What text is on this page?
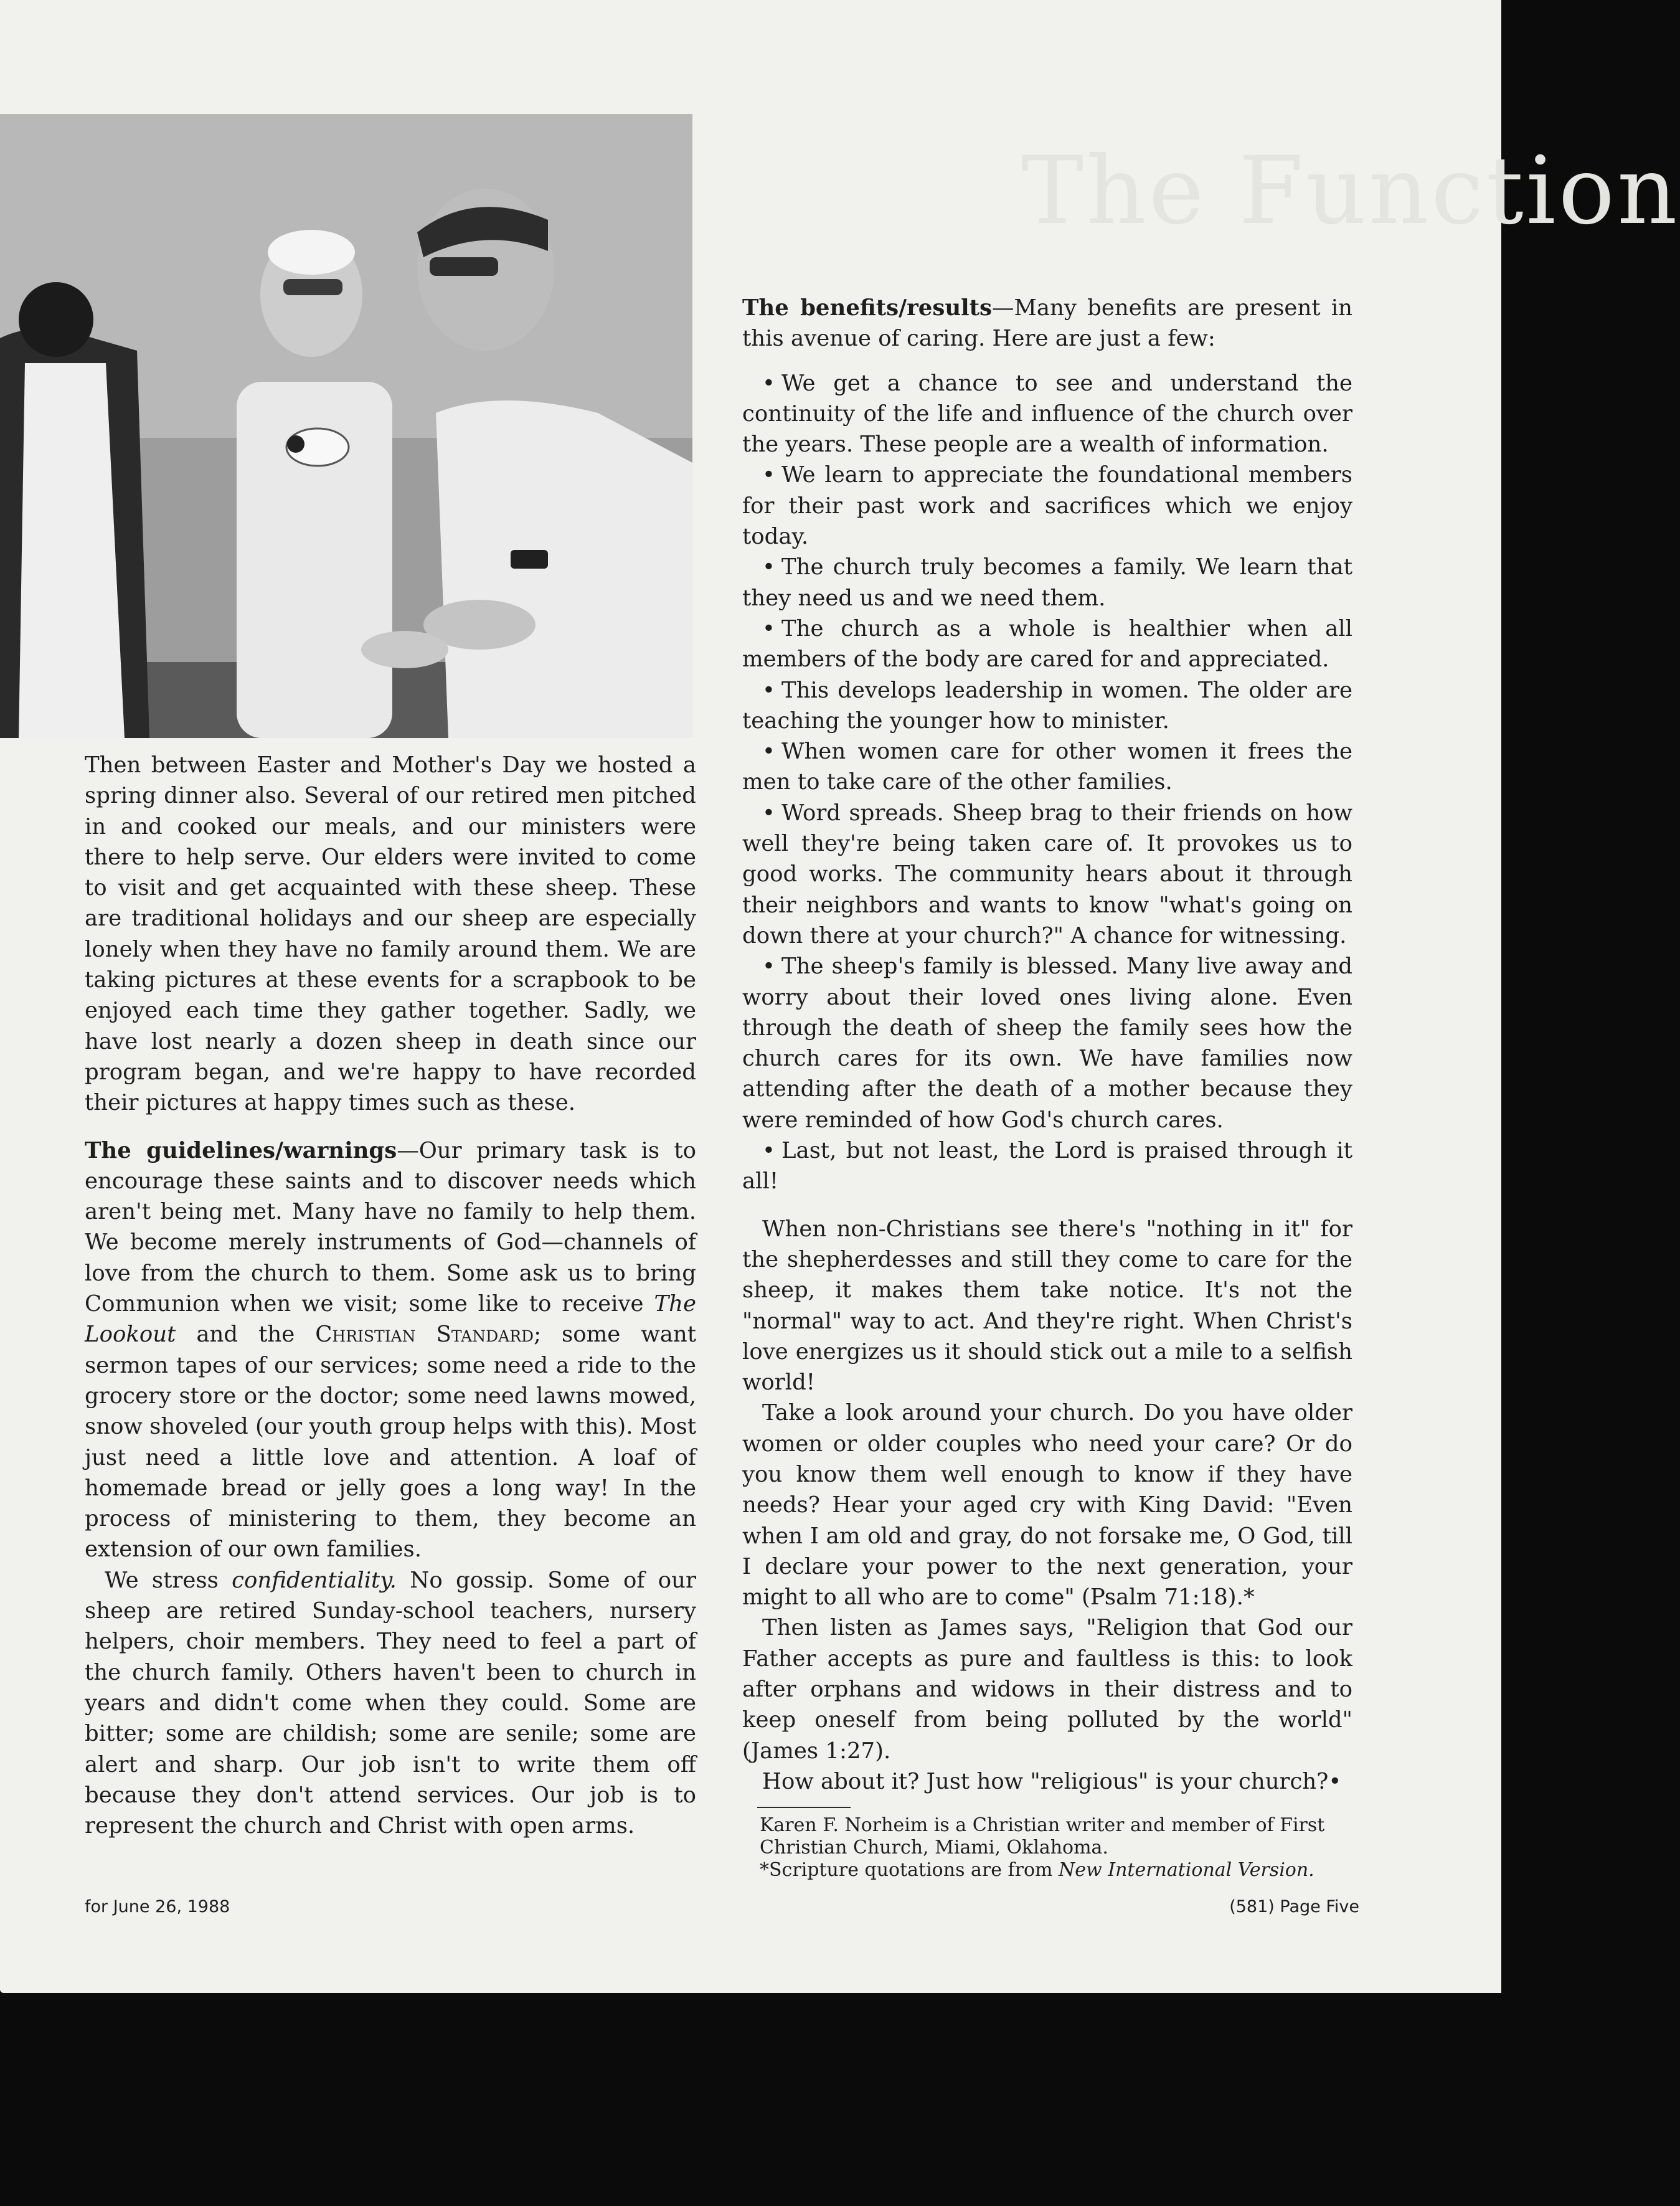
The Function

Then between Easter and Mother's Day we hosted a spring dinner also. Several of our retired men pitched in and cooked our meals, and our ministers were there to help serve. Our elders were invited to come to visit and get acquainted with these sheep. These are traditional holidays and our sheep are especially lonely when they have no family around them. We are taking pictures at these events for a scrapbook to be enjoyed each time they gather together. Sadly, we have lost nearly a dozen sheep in death since our program began, and we're happy to have recorded their pictures at happy times such as these.

The guidelines/warnings—Our primary task is to encourage these saints and to discover needs which aren't being met. Many have no family to help them. We become merely instruments of God—channels of love from the church to them. Some ask us to bring Communion when we visit; some like to receive The Lookout and the Christian Standard; some want sermon tapes of our services; some need a ride to the grocery store or the doctor; some need lawns mowed, snow shoveled (our youth group helps with this). Most just need a little love and attention. A loaf of homemade bread or jelly goes a long way! In the process of ministering to them, they become an extension of our own families.

We stress confidentiality. No gossip. Some of our sheep are retired Sunday-school teachers, nursery helpers, choir members. They need to feel a part of the church family. Others haven't been to church in years and didn't come when they could. Some are bitter; some are childish; some are senile; some are alert and sharp. Our job isn't to write them off because they don't attend services. Our job is to represent the church and Christ with open arms.

The benefits/results—Many benefits are present in this avenue of caring. Here are just a few:

• We get a chance to see and understand the continuity of the life and influence of the church over the years. These people are a wealth of information.
• We learn to appreciate the foundational members for their past work and sacrifices which we enjoy today.
• The church truly becomes a family. We learn that they need us and we need them.
• The church as a whole is healthier when all members of the body are cared for and appreciated.
• This develops leadership in women. The older are teaching the younger how to minister.
• When women care for other women it frees the men to take care of the other families.
• Word spreads. Sheep brag to their friends on how well they're being taken care of. It provokes us to good works. The community hears about it through their neighbors and wants to know "what's going on down there at your church?" A chance for witnessing.
• The sheep's family is blessed. Many live away and worry about their loved ones living alone. Even through the death of sheep the family sees how the church cares for its own. We have families now attending after the death of a mother because they were reminded of how God's church cares.
• Last, but not least, the Lord is praised through it all!

When non-Christians see there's "nothing in it" for the shepherdesses and still they come to care for the sheep, it makes them take notice. It's not the "normal" way to act. And they're right. When Christ's love energizes us it should stick out a mile to a selfish world!

Take a look around your church. Do you have older women or older couples who need your care? Or do you know them well enough to know if they have needs? Hear your aged cry with King David: "Even when I am old and gray, do not forsake me, O God, till I declare your power to the next generation, your might to all who are to come" (Psalm 71:18).*

Then listen as James says, "Religion that God our Father accepts as pure and faultless is this: to look after orphans and widows in their distress and to keep oneself from being polluted by the world" (James 1:27).

How about it? Just how "religious" is your church?•

Karen F. Norheim is a Christian writer and member of First Christian Church, Miami, Oklahoma.

*Scripture quotations are from New International Version.

for June 26, 1988	(581) Page Five
